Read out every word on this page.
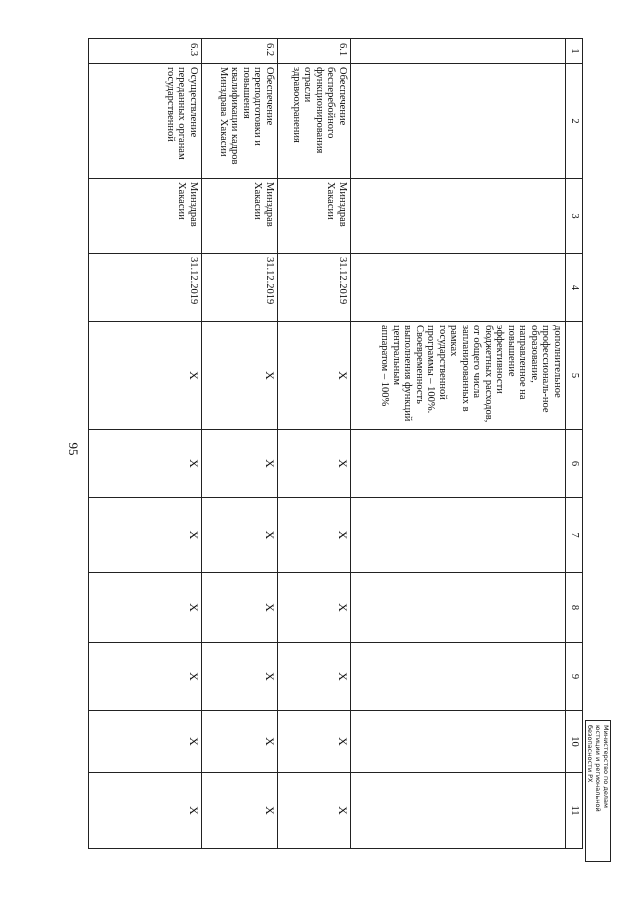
95
1	2	3	4	5	6	7	8	9	10	11
				дополнительное профессиональ-ное образование, направленное на повышение эффективности бюджетных расходов, от общего числа запланированных в рамках государственной программы – 100%. Своевременность выполнения функций центральным аппаратом – 100%						
6.1	Обеспечение бесперебойного функционирования отрасли здравоохранения	Минздрав Хакасии	31.12.2019	X	X	X	X	X	X	X
6.2	Обеспечение переподготовки и повышения квалификации кадров Минздрава Хакасии	Минздрав Хакасии	31.12.2019	X	X	X	X	X	X	X
6.3	Осуществление переданных органам государственной	Минздрав Хакасии	31.12.2019	X	X	X	X	X	X	X
Министерство по делам
юстиции и региональной
безопасности РХ
